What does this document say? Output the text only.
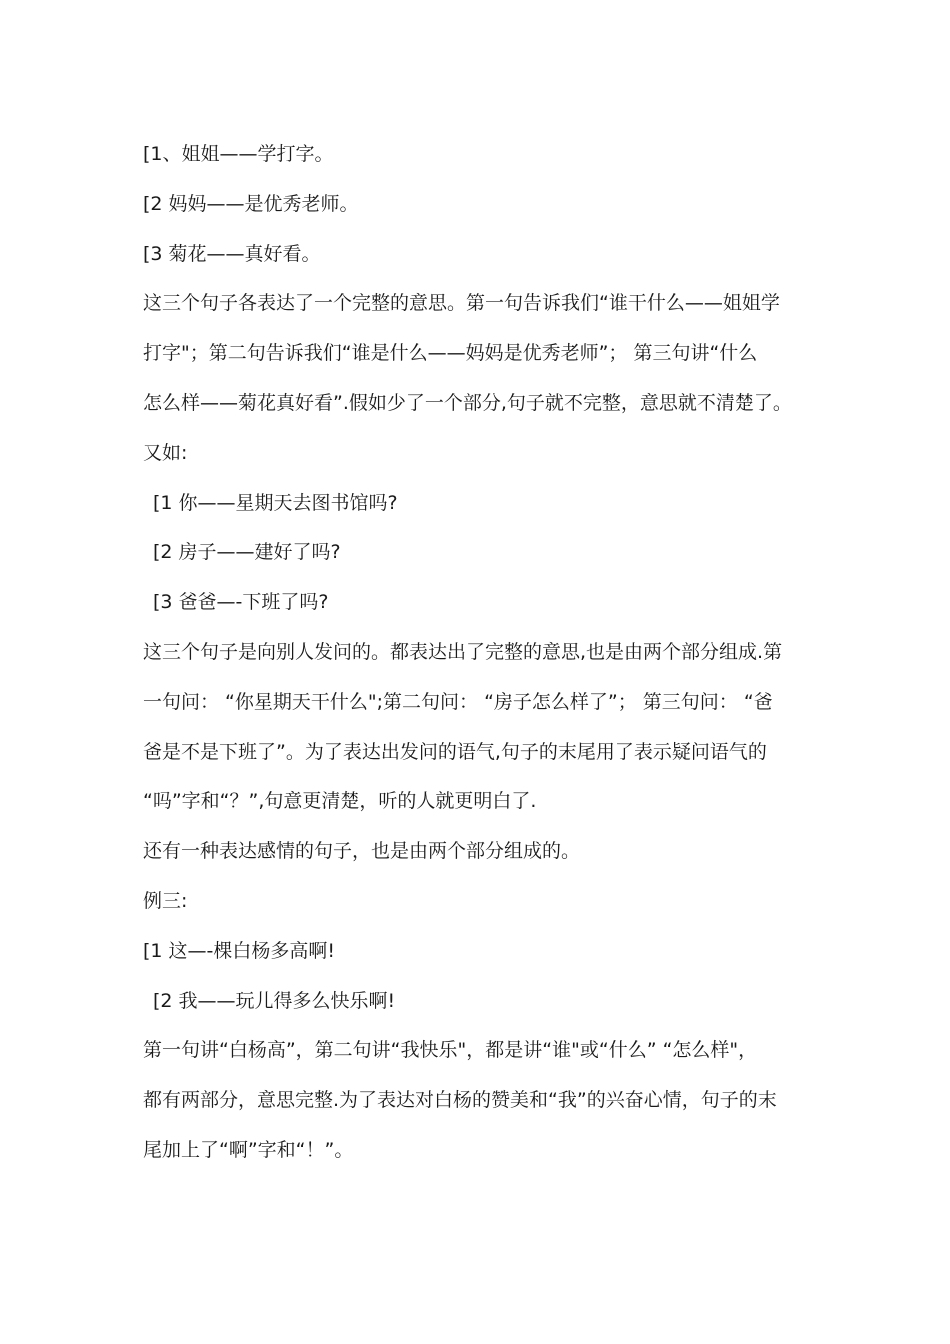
[1、姐姐——学打字。
[2 妈妈——是优秀老师。
[3 菊花——真好看。
这三个句子各表达了一个完整的意思。第一句告诉我们“谁干什么——姐姐学
打字"；第二句告诉我们“谁是什么——妈妈是优秀老师”； 第三句讲“什么
怎么样——菊花真好看”.假如少了一个部分,句子就不完整，意思就不清楚了。
又如:
[1 你——星期天去图书馆吗?
[2 房子——建好了吗?
[3 爸爸—-下班了吗?
这三个句子是向别人发问的。都表达出了完整的意思,也是由两个部分组成.第
一句问： “你星期天干什么";第二句问： “房子怎么样了”； 第三句问： “爸
爸是不是下班了”。为了表达出发问的语气,句子的末尾用了表示疑问语气的
“吗”字和“？”,句意更清楚，听的人就更明白了.
还有一种表达感情的句子，也是由两个部分组成的。
例三:
[1 这—-棵白杨多高啊!
[2 我——玩儿得多么快乐啊!
第一句讲“白杨高”，第二句讲“我快乐"，都是讲“谁"或“什么” “怎么样"，
都有两部分，意思完整.为了表达对白杨的赞美和“我”的兴奋心情，句子的末
尾加上了“啊”字和“！”。
